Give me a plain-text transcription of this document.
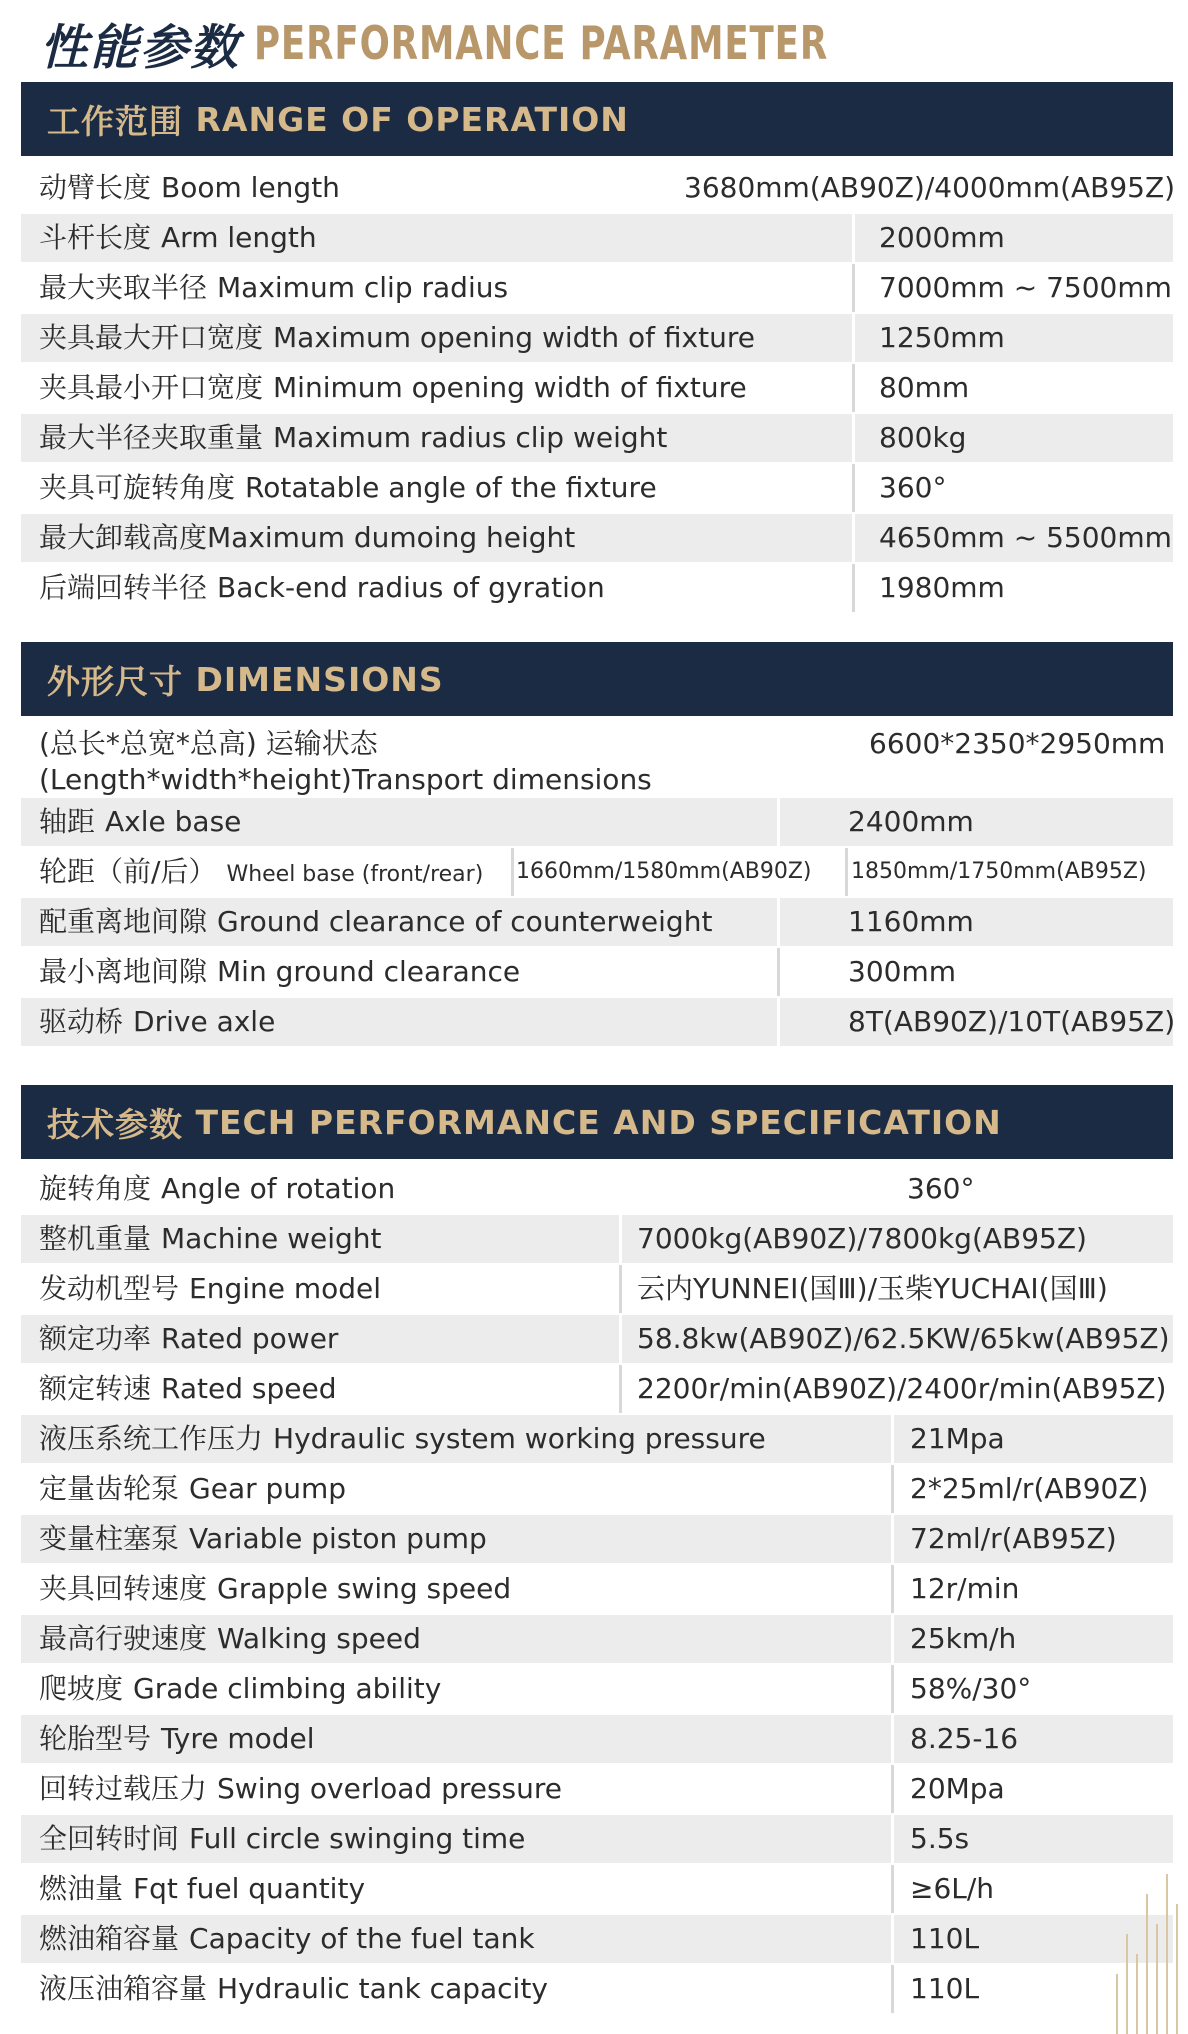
性能参数 PERFORMANCE PARAMETER
工作范围
RANGE OF OPERATION
动臂长度 Boom length	3680mm(AB90Z)/4000mm(AB95Z)
斗杆长度 Arm length	2000mm
最大夹取半径 Maximum clip radius	7000mm ~ 7500mm
夹具最大开口宽度 Maximum opening width of fixture	1250mm
夹具最小开口宽度 Minimum opening width of fixture	80mm
最大半径夹取重量 Maximum radius clip weight	800kg
夹具可旋转角度 Rotatable angle of the fixture	360°
最大卸载高度Maximum dumoing height	4650mm ~ 5500mm
后端回转半径 Back-end radius of gyration	1980mm
外形尺寸
DIMENSIONS
(总长*总宽*总高) 运输状态
(Length*width*height)Transport dimensions
6600*2350*2950mm
轴距 Axle base	2400mm
轮距（前/后） Wheel base (front/rear) 1660mm/1580mm(AB90Z)	1850mm/1750mm(AB95Z)
配重离地间隙 Ground clearance of counterweight	1160mm
最小离地间隙 Min ground clearance	300mm
驱动桥 Drive axle	8T(AB90Z)/10T(AB95Z)
技术参数
TECH PERFORMANCE AND SPECIFICATION
旋转角度 Angle of rotation	360°
整机重量 Machine weight	7000kg(AB90Z)/7800kg(AB95Z)
发动机型号 Engine model	云内YUNNEI(国Ⅲ)/玉柴YUCHAI(国Ⅲ)
额定功率 Rated power	58.8kw(AB90Z)/62.5KW/65kw(AB95Z)
额定转速 Rated speed	2200r/min(AB90Z)/2400r/min(AB95Z)
液压系统工作压力 Hydraulic system working pressure	21Mpa
定量齿轮泵 Gear pump	2*25ml/r(AB90Z)
变量柱塞泵 Variable piston pump	72ml/r(AB95Z)
夹具回转速度 Grapple swing speed	12r/min
最高行驶速度 Walking speed	25km/h
爬坡度 Grade climbing ability	58%/30°
轮胎型号 Tyre model	8.25-16
回转过载压力 Swing overload pressure	20Mpa
全回转时间 Full circle swinging time	5.5s
燃油量 Fqt fuel quantity	≥6L/h
燃油箱容量 Capacity of the fuel tank	110L
液压油箱容量 Hydraulic tank capacity	110L
